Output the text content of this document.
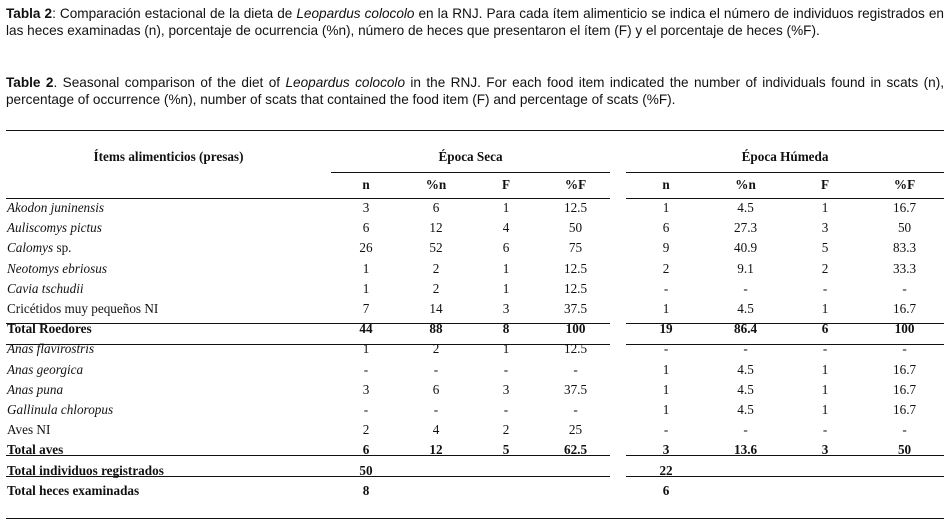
Tabla 2: Comparación estacional de la dieta de Leopardus colocolo en la RNJ. Para cada ítem alimenticio se indica el número de individuos registrados en las heces examinadas (n), porcentaje de ocurrencia (%n), número de heces que presentaron el ítem (F) y el porcentaje de heces (%F).
Table 2. Seasonal comparison of the diet of Leopardus colocolo in the RNJ. For each food item indicated the number of individuals found in scats (n), percentage of occurrence (%n), number of scats that contained the food item (F) and percentage of scats (%F).
Ítems alimenticios (presas)	Época Seca					Época Húmeda			
	n	%n	F	%F		n	%n	F	%F
Akodon juninensis	3	6	1	12.5		1	4.5	1	16.7
Auliscomys pictus	6	12	4	50		6	27.3	3	50
Calomys sp.	26	52	6	75		9	40.9	5	83.3
Neotomys ebriosus	1	2	1	12.5		2	9.1	2	33.3
Cavia tschudii	1	2	1	12.5		-	-	-	-
Cricétidos muy pequeños NI	7	14	3	37.5		1	4.5	1	16.7
Total Roedores	44	88	8	100		19	86.4	6	100
Anas flavirostris	1	2	1	12.5		-	-	-	-
Anas georgica	-	-	-	-		1	4.5	1	16.7
Anas puna	3	6	3	37.5		1	4.5	1	16.7
Gallinula chloropus	-	-	-	-		1	4.5	1	16.7
Aves NI	2	4	2	25		-	-	-	-
Total aves	6	12	5	62.5		3	13.6	3	50
Total individuos registrados	50					22			
Total heces examinadas	8					6			
